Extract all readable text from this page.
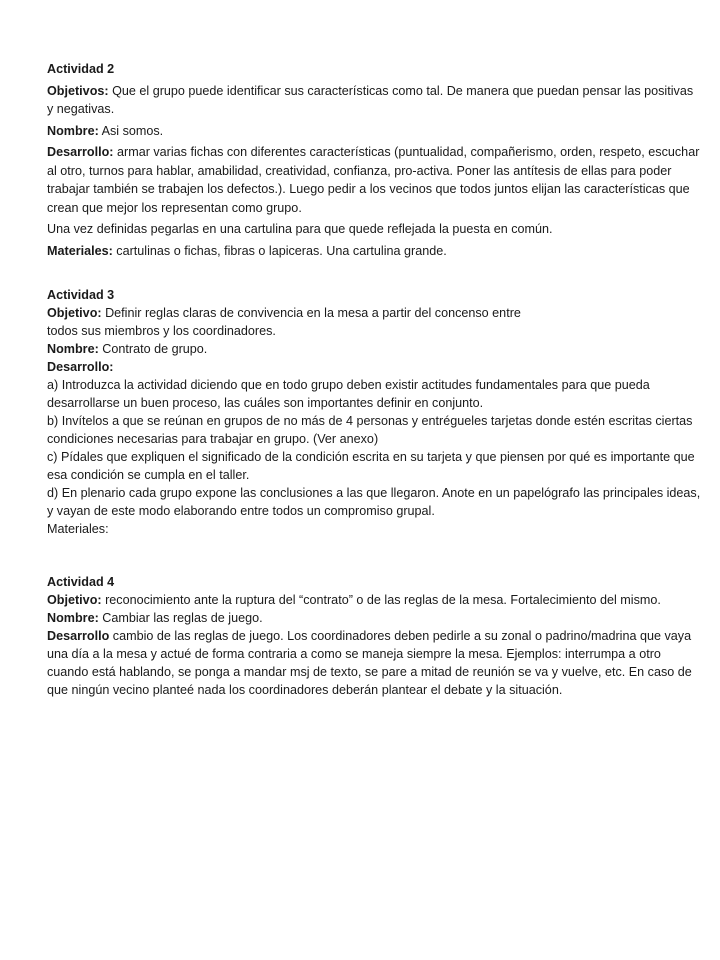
Actividad 2

Objetivos: Que el grupo puede identificar sus características como tal. De manera que puedan pensar las positivas y negativas.

Nombre: Asi somos.

Desarrollo: armar varias fichas con diferentes características (puntualidad, compañerismo, orden, respeto, escuchar al otro, turnos para hablar, amabilidad, creatividad, confianza, pro-activa. Poner las antítesis de ellas para poder trabajar también se trabajen los defectos.). Luego pedir a los vecinos que todos juntos elijan las características que crean que mejor los representan como grupo.

Una vez definidas pegarlas en una cartulina para que quede reflejada la puesta en común.

Materiales: cartulinas o fichas, fibras o lapiceras. Una cartulina grande.

Actividad 3

Objetivo: Definir reglas claras de convivencia en la mesa a partir del concenso entre
todos sus miembros y los coordinadores.

Nombre: Contrato de grupo.

Desarrollo:

a) Introduzca la actividad diciendo que en todo grupo deben existir actitudes fundamentales para que pueda desarrollarse un buen proceso, las cuáles son importantes definir en conjunto.

b) Invítelos a que se reúnan en grupos de no más de 4 personas y entrégueles tarjetas donde estén escritas ciertas condiciones necesarias para trabajar en grupo. (Ver anexo)

c) Pídales que expliquen el significado de la condición escrita en su tarjeta y que piensen por qué es importante que esa condición se cumpla en el taller.

d) En plenario cada grupo expone las conclusiones a las que llegaron. Anote en un papelógrafo las principales ideas, y vayan de este modo elaborando entre todos un compromiso grupal.

Materiales:

Actividad 4

Objetivo: reconocimiento ante la ruptura del “contrato” o de las reglas de la mesa. Fortalecimiento del mismo.

Nombre: Cambiar las reglas de juego.

Desarrollo cambio de las reglas de juego. Los coordinadores deben pedirle a su zonal o padrino/madrina que vaya una día a la mesa y actué de forma contraria a como se maneja siempre la mesa. Ejemplos: interrumpa a otro cuando está hablando, se ponga a mandar msj de texto, se pare a mitad de reunión se va y vuelve, etc. En caso de que ningún vecino planteé nada los coordinadores deberán plantear el debate y la situación.
